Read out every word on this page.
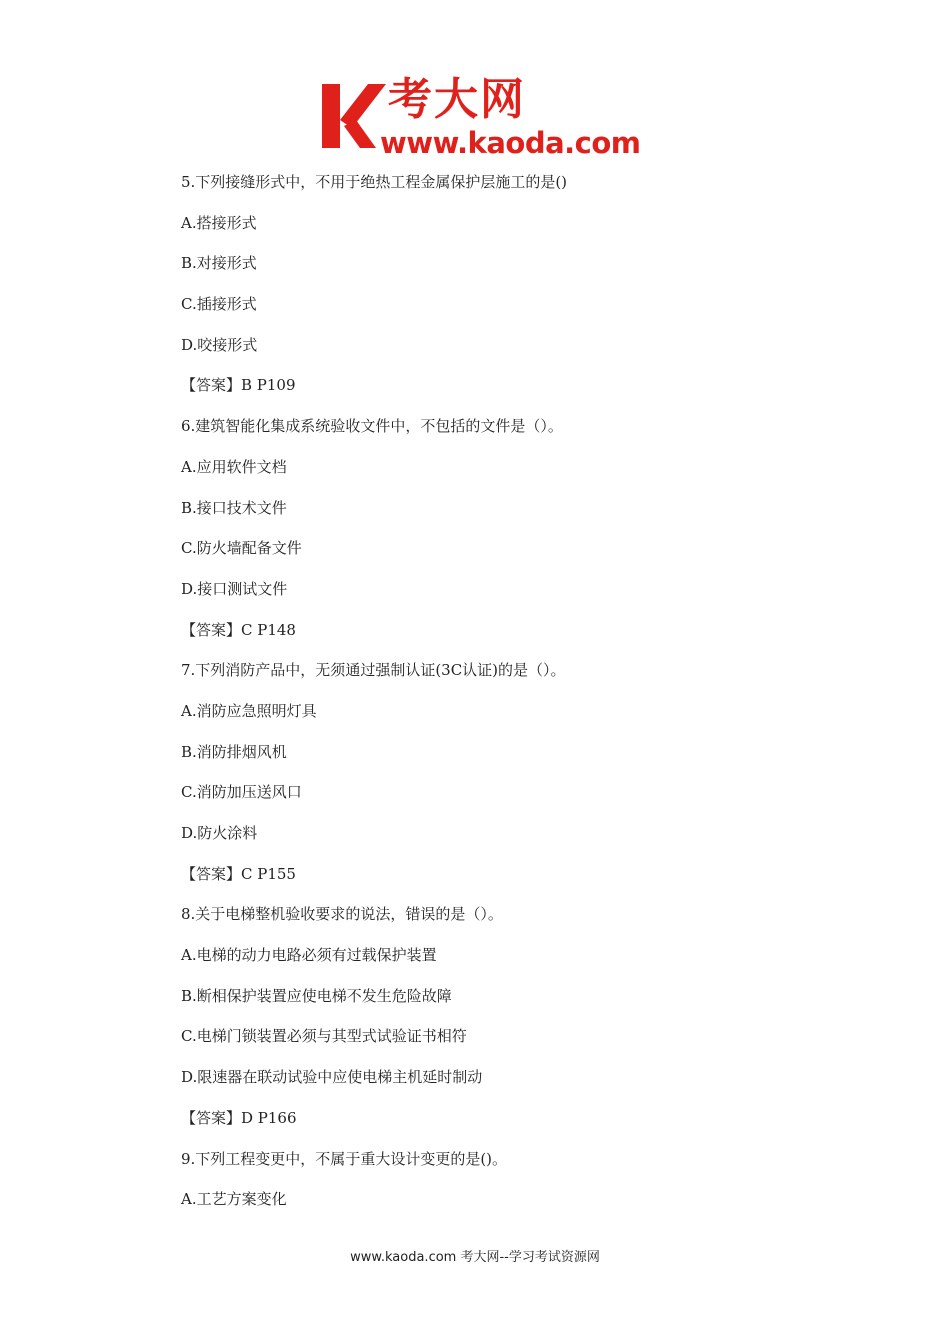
考大网
www.kaoda.com
5.下列接缝形式中，不用于绝热工程金属保护层施工的是()
A.搭接形式
B.对接形式
C.插接形式
D.咬接形式
【答案】B P109
6.建筑智能化集成系统验收文件中，不包括的文件是（）。
A.应用软件文档
B.接口技术文件
C.防火墙配备文件
D.接口测试文件
【答案】C P148
7.下列消防产品中，无须通过强制认证(3C认证)的是（）。
A.消防应急照明灯具
B.消防排烟风机
C.消防加压送风口
D.防火涂料
【答案】C P155
8.关于电梯整机验收要求的说法，错误的是（）。
A.电梯的动力电路必须有过载保护装置
B.断相保护装置应使电梯不发生危险故障
C.电梯门锁装置必须与其型式试验证书相符
D.限速器在联动试验中应使电梯主机延时制动
【答案】D P166
9.下列工程变更中，不属于重大设计变更的是()。
A.工艺方案变化
www.kaoda.com 考大网--学习考试资源网
